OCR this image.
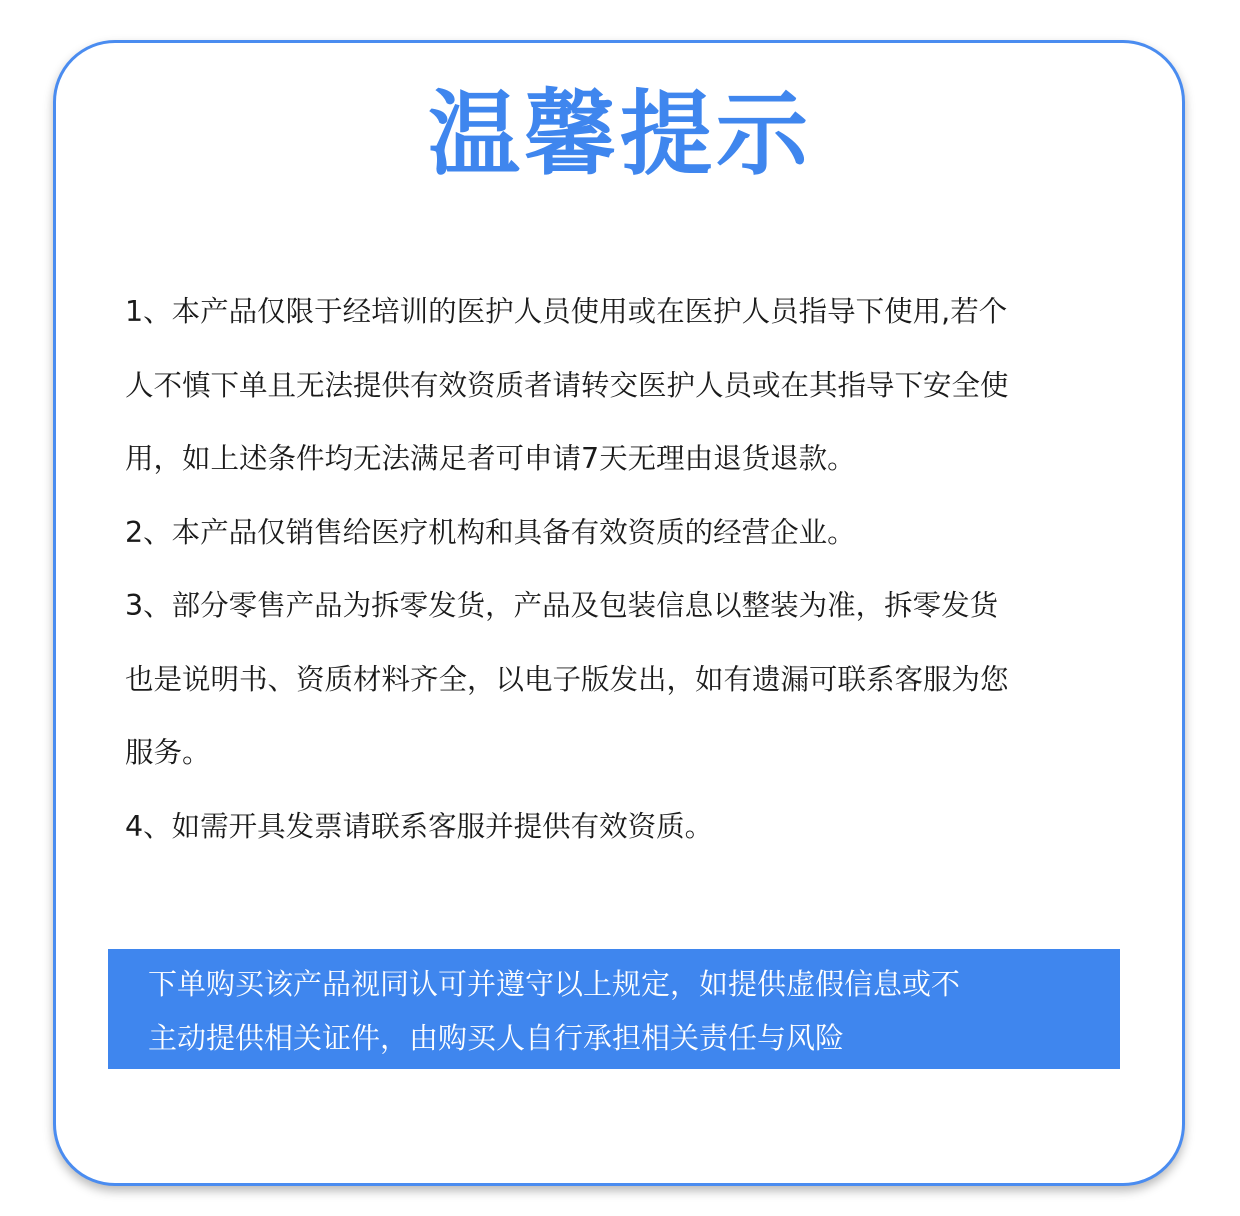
温馨提示
1、本产品仅限于经培训的医护人员使用或在医护人员指导下使用,若个
人不慎下单且无法提供有效资质者请转交医护人员或在其指导下安全使
用，如上述条件均无法满足者可申请7天无理由退货退款。
2、本产品仅销售给医疗机构和具备有效资质的经营企业。
3、部分零售产品为拆零发货，产品及包装信息以整装为准，拆零发货
也是说明书、资质材料齐全，以电子版发出，如有遗漏可联系客服为您
服务。
4、如需开具发票请联系客服并提供有效资质。
下单购买该产品视同认可并遵守以上规定，如提供虚假信息或不
主动提供相关证件，由购买人自行承担相关责任与风险
